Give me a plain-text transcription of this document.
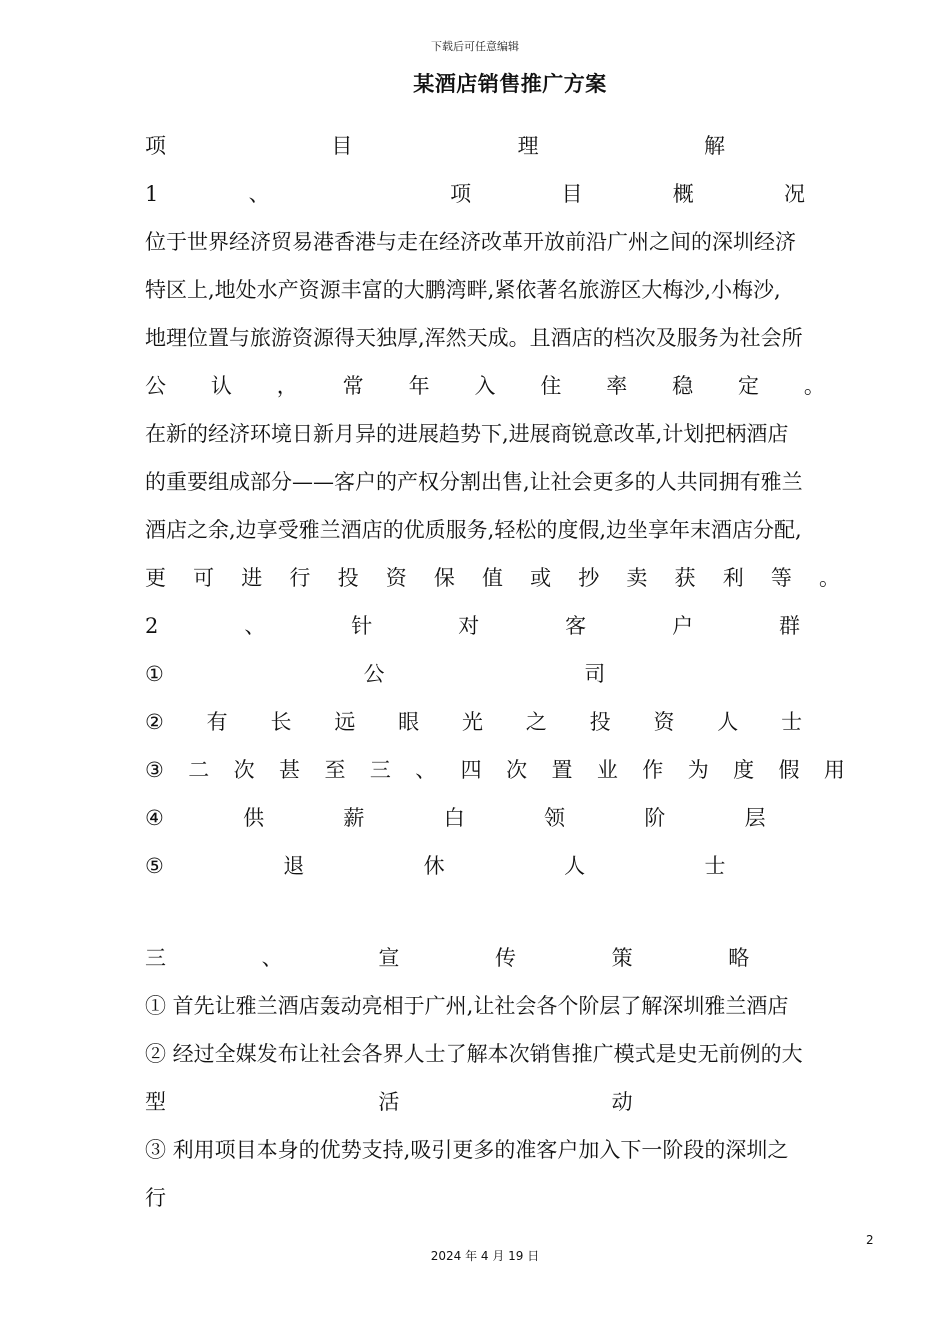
下载后可任意编辑
某酒店销售推广方案
项	目	理	解
1	、	项	目	概	况
位于世界经济贸易港香港与走在经济改革开放前沿广州之间的深圳经济
特区上,地处水产资源丰富的大鹏湾畔,紧依著名旅游区大梅沙,小梅沙,
地理位置与旅游资源得天独厚,浑然天成。且酒店的档次及服务为社会所
公 认 ， 常 年 入 住 率 稳 定 。
在新的经济环境日新月异的进展趋势下,进展商锐意改革,计划把柄酒店
的重要组成部分——客户的产权分割出售,让社会更多的人共同拥有雅兰
酒店之余,边享受雅兰酒店的优质服务,轻松的度假,边坐享年末酒店分配,
更 可 进 行 投 资 保 值 或 抄 卖 获 利 等 。
2	、	针	对	客	户	群
①	公	司
② 有 长 远 眼 光 之 投 资 人 士
③ 二 次 甚 至 三 、 四 次 置 业 作 为 度 假 用
④	供	薪	白	领	阶	层
⑤	退	休	人	士
三	、	宣	传	策	略
① 首先让雅兰酒店轰动亮相于广州,让社会各个阶层了解深圳雅兰酒店
② 经过全媒发布让社会各界人士了解本次销售推广模式是史无前例的大
型	活	动
③ 利用项目本身的优势支持,吸引更多的准客户加入下一阶段的深圳之
行
2
2024 年 4 月 19 日
